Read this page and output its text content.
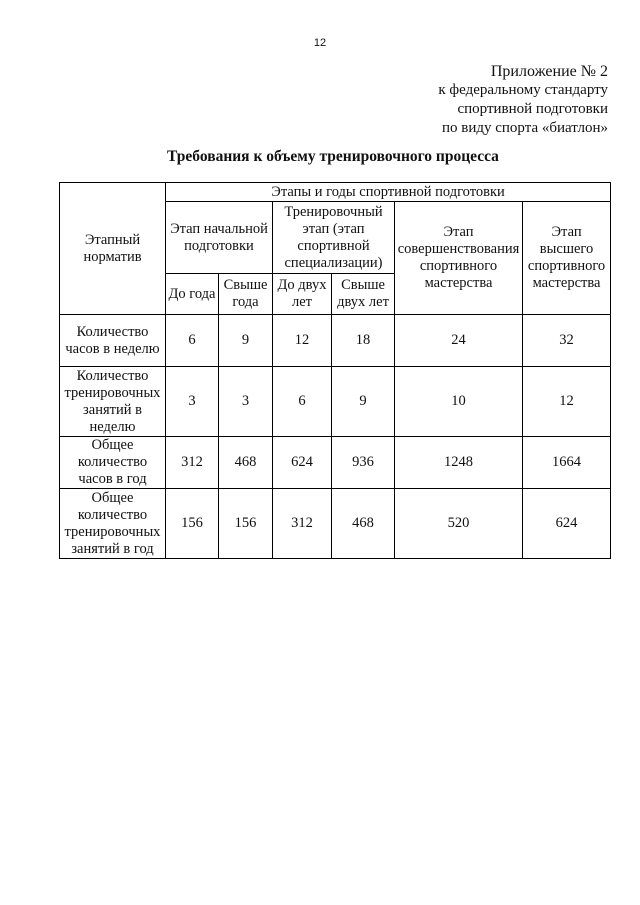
12
Приложение № 2
к федеральному стандарту
спортивной подготовки
по виду спорта «биатлон»
Требования к объему тренировочного процесса
Этапный норматив	Этапы и годы спортивной подготовки					
	Этап начальной подготовки		Тренировочный этап (этап спортивной специализации)		Этап совершенствования спортивного мастерства	Этап высшего спортивного мастерства
	До года	Свыше года	До двух лет	Свыше двух лет		
Количество часов в неделю	6	9	12	18	24	32
Количество тренировочных занятий в неделю	3	3	6	9	10	12
Общее количество часов в год	312	468	624	936	1248	1664
Общее количество тренировочных занятий в год	156	156	312	468	520	624
